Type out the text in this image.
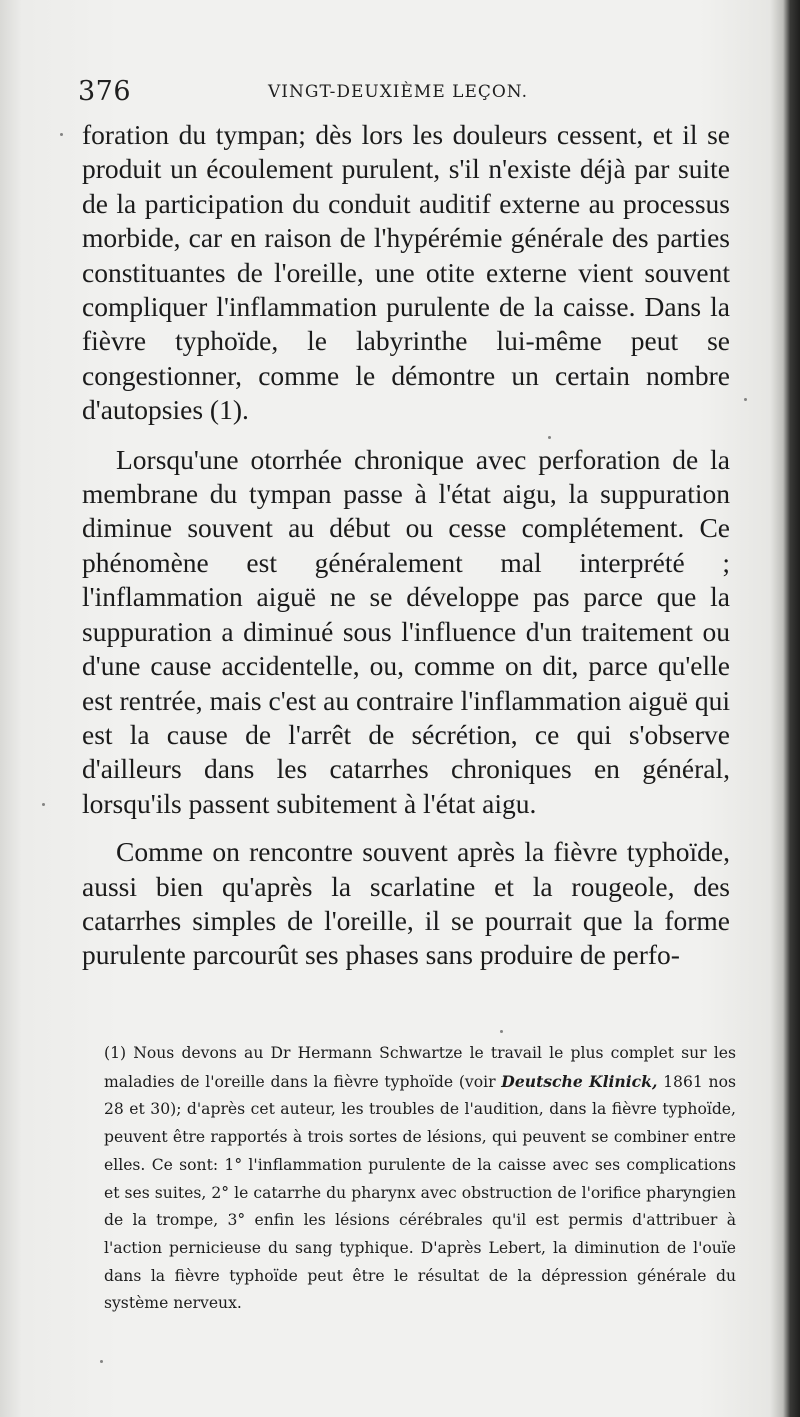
376	VINGT-DEUXIÈME LEÇON.

foration du tympan; dès lors les douleurs cessent, et il se produit un écoulement purulent, s'il n'existe déjà par suite de la participation du conduit auditif externe au processus morbide, car en raison de l'hypérémie générale des parties constituantes de l'oreille, une otite externe vient souvent compliquer l'inflammation purulente de la caisse. Dans la fièvre typhoïde, le labyrinthe lui-même peut se congestionner, comme le démontre un certain nombre d'autopsies (1).

Lorsqu'une otorrhée chronique avec perforation de la membrane du tympan passe à l'état aigu, la suppuration diminue souvent au début ou cesse complétement. Ce phénomène est généralement mal interprété ; l'inflammation aiguë ne se développe pas parce que la suppuration a diminué sous l'influence d'un traitement ou d'une cause accidentelle, ou, comme on dit, parce qu'elle est rentrée, mais c'est au contraire l'inflammation aiguë qui est la cause de l'arrêt de sécrétion, ce qui s'observe d'ailleurs dans les catarrhes chroniques en général, lorsqu'ils passent subitement à l'état aigu.

Comme on rencontre souvent après la fièvre typhoïde, aussi bien qu'après la scarlatine et la rougeole, des catarrhes simples de l'oreille, il se pourrait que la forme purulente parcourût ses phases sans produire de perfo-

(1) Nous devons au Dr Hermann Schwartze le travail le plus complet sur les maladies de l'oreille dans la fièvre typhoïde (voir Deutsche Klinick, 1861 nos 28 et 30); d'après cet auteur, les troubles de l'audition, dans la fièvre typhoïde, peuvent être rapportés à trois sortes de lésions, qui peuvent se combiner entre elles. Ce sont: 1° l'inflammation purulente de la caisse avec ses complications et ses suites, 2° le catarrhe du pharynx avec obstruction de l'orifice pharyngien de la trompe, 3° enfin les lésions cérébrales qu'il est permis d'attribuer à l'action pernicieuse du sang typhique. D'après Lebert, la diminution de l'ouïe dans la fièvre typhoïde peut être le résultat de la dépression générale du système nerveux.
